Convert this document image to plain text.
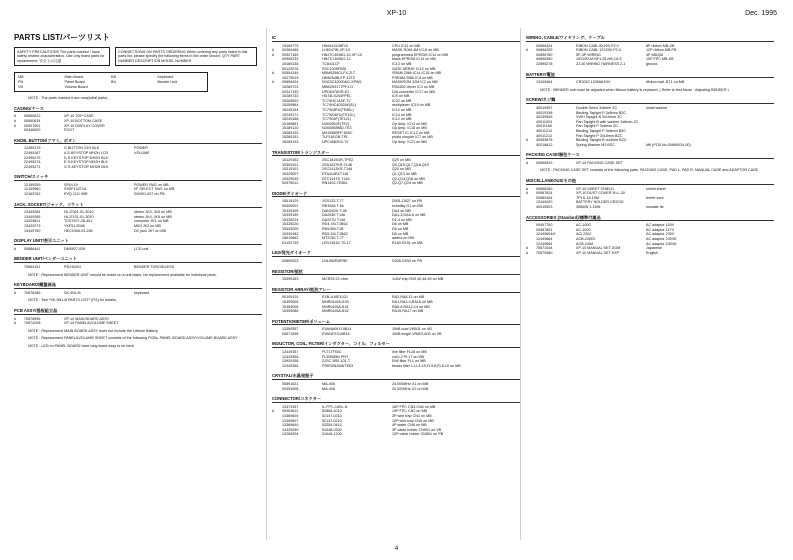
XP-10	Dec. 1995
PARTS LIST/パーツリスト
SAFETY PRECAUTIONS The parts marked ! have safety-related characteristics. Use only listed parts for replacement. 安全上の注意 CONNECTIONS ON PARTS ORDERING When ordering any parts listed in this parts list, please specify the following items in the order shown: QTY PART NUMBER DESCRIPTION MODEL NUMBER
MB	Main Board	KB	Keyboard
PN	Panel Board	BU	Bender Unit
VB	Volume Board
NOTE : The parts marked # are new(initial parts).
CASING/ケース
#	00890612	XP-10 TOP CASE
#	00890634	XP-10 BOTTOM CASE
#	00907001	XP-10 DISPLAY COVER
00346000	FOOT
KNOB, BUTTON/ツマミ、ボタン
12499179	G BUTTON S1H BLK	POWER
22495187	A S-KEYSTOP MH2H LCD	VOLUME
22495275	D S-KEYSTOP MH2H BLK
22495276	E S-KEYSTOP MH2H BLK
22495271	G S-KEYSTOP MH2H BLK
SWITCH/スイッチ
12159259	SPUL19	POWER SW2 on MB
12159960	SSSF13271A	I/F SELECT SW1 on MB
12169762	EVQ 21G 05R	SW901-927 on PB
JACK, SOCKET/ジャック、ソケット
13449284	HLJ7001-01-3010	stereo JK3, JK5 on MB
13449285	HLJ7101-01-3010	stereo JK4, JK6 on MB
13429811	TCS7927-28-401	computer JK1 on MB
13429273	YKF51-5048	MIDI JK2 on MB
13449750	HEC0306-01-250	DC jack JK7 on MB
DISPLAY UNIT/表示ユニット
#	00886441	DM0927-009	LCD unit
BENDER UNIT/ベンダーユニット
75564151	PB-H0201	BENDER TOROIDLESS
NOTE : Replacement BENDER UNIT should be made on a unit basis. No replacement available for individual parts.
KEYBOARD/鍵盤部品
#	70678186	SK-9N1-B	keyboard
NOTE : See *SK-9N1-B PARTS LIST* (P.5) for details.
PCB ASSY/基板組立品
#	70678996	XP-10 MAIN BOARD ASSY
#	70674208	XP-10 PANEL&VOLUME SHEET
NOTE : Replacement MAIN BOARD ASSY does not include the Lithium Battery.
NOTE : Replacement PANEL&VOLUME SHEET consists of the following PCBs. PANEL BOARD ASSY/VOLUME BOARD ASSY
NOTE : LED on PANEL BOARD have long leads easy to be bent.
IC
15189775	HD6415108F10	CPU IC11 on MB
#	00360465	LH5347IB-XP-10	MASK ROM 4M IC16 on MB
#	00907169	HN27C4096G-10-XP-10	programmed EPROM IC14 on MB
00906233	HN27C4096G-12	blank EPROM IC14 on MB
15169135	TC8411CF	IC13 on MB
00129276	SSC1009F005	GATE ARRAY IC12 on MB
#	00904144	M5M5256CLFX-7LT	SRAM 256k IC14,IC15 on MB
15279519	HM6264BLFP-12TZ	PSRAM 256k IC4 on MB
#	00856434	KM23C32000AG-XPW2	MASKROM 32M IC2 on MB
15289723	MB62H3177PFJ-G	RSA502 driver IC3 on MB
00347150	UPD6376GR-E2	D/A converter IC17 on MB
15289733	HD74LS244FPEL	IC9 on MB
15269920	TC74HC14AF-T2	IC22 on MB
15259964	TC74HC4052AF(EL)	multiplexer IC19 on MB
15249154	TC7S08FU(TE85L)	IC12 on MB
15249171	TC7W04FU(TE12L)	IC14 on MB
15249168	TC7S04F(TE12L)	IC12 on MB
15189881	NJM2904F(TE2)	Op Amp. IC13 on MB
15189120	NJM4565MD-TE3	Op Amp. IC18 on MB
15089133	M51958BFP-600C	RESET IC IC12 on MB
15289151	TLP181GB-TPL	photo coupler IC7 on MB
15269133	UPC4082G2-T2	Op Amp. IC21 on MB
TRANSISTOR/トランジスター
15129151	2SC1815GR-TPE2	Q20 on MB
15309101	2SA1037KR-T146	Q9,Q15,Q17,Q18,Q19
15319101	2SC2412KR-T146	Q20 on MB
15329007	DTA114EKT146	Q1,Q13 on MB
15329025	DTC114TK T146	Q2-Q14,Q16 on MB
00575012	RN1402-TE85L	Q2-Q7,Q24 on MB
DIODE/ダイオード
15019129	1SS133-T-77	D501-D527 on PB
00505001	RB100A T-6s	schottky D1 on MB
15339105	DAN202K T-46	DA4 on MB
15339159	DA204K T146	DA1-3,DA5-6 on MB
15339224	DA227U T146	D1-4 on MB
15339226	RD4.7M-T1B62	D6 on MB
15339200	RD6.8M-T1B	D5 on MB
15339183	RD5.1M-T1B62	D8 on MB
15019662	MTZJ30 T-77	added on MB
03192739	LED1351D T0-17	R183-R191 on MB
LED/発光ダイオード
00899023	LN1082RAPRE	D528-D534 on PB
RESISTOR/抵抗
15399153	MCR25 22 ohm	1/4W chip R20,40,48,49 on MB
RESISTOR ARRAY/抵抗アレー
00109124	EXB-A10E103J	RA2,RA8-11 on MB
15359005	MNR04J5AJ103	RA1,RA3-4,RA16 on MB
15359006	MNR04J5AJ101	RA6-8,RA12-14 on MB
15359086	MNR04J5AJ102	RA15,RA17 on MB
POTENTIOMETER/ポリューム
13359357	EVANA09Y10B14	10kB dual VR601 on VB
03671598	EVANFXX10B14	10kB single VR602,603 on VB
INDUCTOR, COIL, FILTER/インダクター、コイル、フィルター
12449357	PLT17F03C	line filter FL18 on MB
12449358	FL3R085N PNT	coil L2 PL17 on MB
13929158	ZJSC-5R0-101-T	EMI filter FL1 on MB
12449355	PSR02NA5WTE03	beads filter L1,L3-15,FL5-6,FL8-10 on MB
CRYSTAL/水晶発振子
00891621	MA-406	24.000MHz X1 on MB
00393008	MA-406	20.000MHz X2 on MB
CONNECTOR/コネクター
13379157	IL-FPC-16SL-N	16P FPC CN3,CN4 on MB
#	00904612	52808-1010	10P FPC CN2 on MB
13369604	52147-0210	2P wire trap CN1 on MB
13369607	52147-0210	12P wire trap CN5 on MB
13369640	53254-0410	4P wafer CN6 on MB
13429290	51048-0300	3P cable holder CN901 on VB
13269204	51048-1200	12P cable holder CN501 on PB
WIRING, CABLE/ワイヤリング、ケーブル
00896324	RIBON CABL 8X200-P2.0	8P ribbon MB-VB
#	00896325	RIBON CABL 12X200-P2.0	12P ribbon MB-PB
00896780	5P-4P WIRING	4P MB-BU
00896350	10X200-M-NF1.25-HB-10-S	10P FPC MB-KB
22695278	ZJ-30 WIRING HARNESS 2-1	ground
BATTERY/電池
13349464	CR2032 120MAH/3V	lithium batt. BT1 on MB
NOTE : BENDER unit must be adjusted when lithium battery is replaced. ( Refer to test Mode : Adjusting BENDER )
SCREW/ネジ類
40019957	Double Sems 3x8mm ZC	small washer
40019158	Binding Tapight P 3x8mm BZC
40239545	VWH Tapight B 3x10mm ZC
40011024	Pan Tapight B with washer 3x8mm ZC
40011169	Pan Tapight P 3x6mm ZC
40011212	Binding Tapight P 3x8mm BZC
40011212	Pan Tapight P 3x18mm BZC
#	40059878	Binding Tapight B rsr3mm BZC
40018812	Spring Washer M3 BZC	M6 (PCB No.00869034-00)
PACKING CASE/梱包ケース
#	00896943	XP-10 PACKING CASE SET
NOTE : PACKING CASE SET consists of the following parts. PACKING CASE, PAD L, PAD R, MANUAL CASE and ADAPTOR CASE
MISCELLANEOUS/その他
#	00896260	XP-10 SHEET SHIELD	shield sheet
#	00987824	XP-10 DUST COVER 3h L-30
00580454	TPLS-15-10M	ferrite core
13349420	BATTERY HOLDER CR2032
40015503	30BMN 1-1MN	insulate tie
ACCESSORIES (Standard)/標準付属品
00957750	AC-100C	AC adaptor 100V
00987801	AC-100C	AC adaptor 117V
12449604/0	ACI-230J	AC adaptor 230V
12449664	ACB-240E2	AC adaptor 240VE
12449664	ACB-240A	AC adaptor 240VA
#	70671044	XP-10 MANUAL SET DOM	Japanese
#	70670980	XP-10 MANUAL SET EXP	English
4
